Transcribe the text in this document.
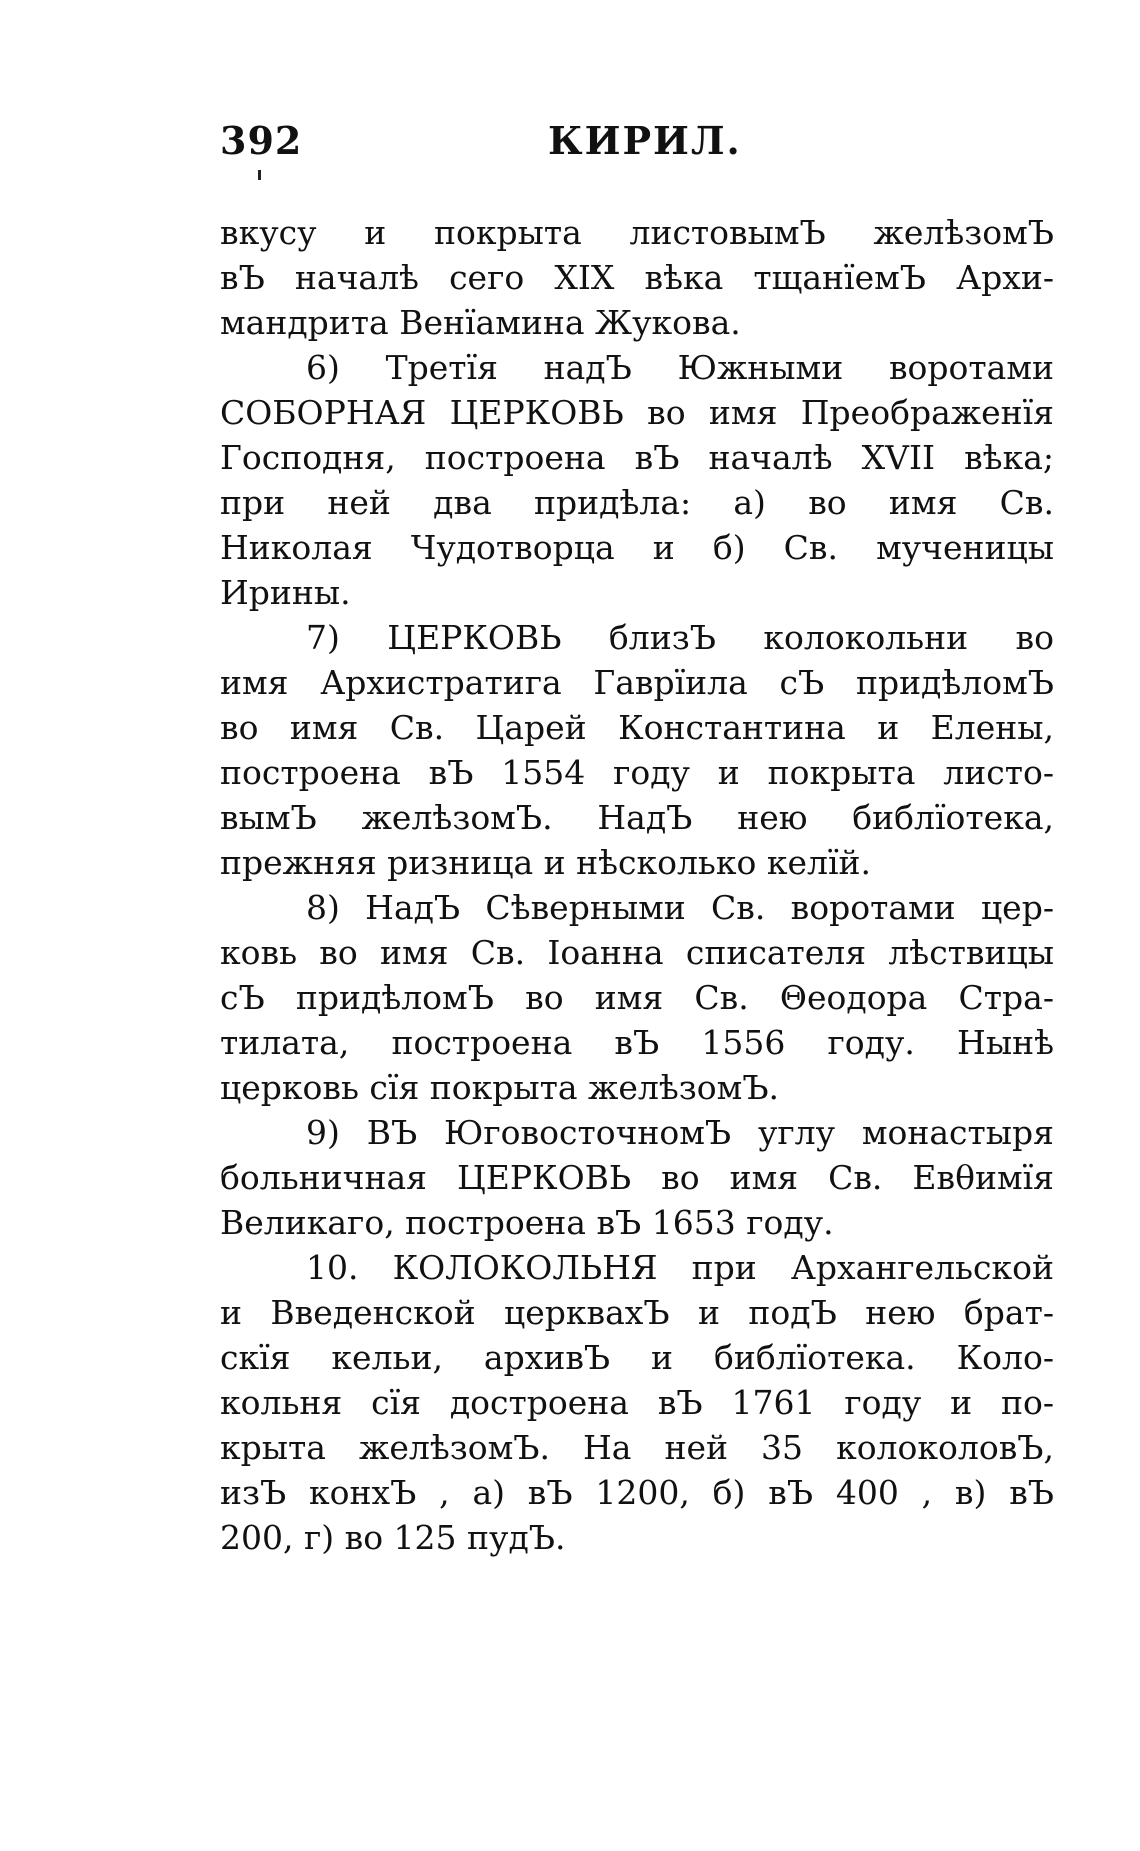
392	КИРИЛ.
вкусу и покрыта листовымЪ желѣзомЪ
вЪ началѣ сего XIX вѣка тщанїемЪ Архи-
мандрита Венїамина Жукова.
6) Третїя надЪ Южными воротами
СОБОРНАЯ ЦЕРКОВЬ во имя Преображенїя
Господня, построена вЪ началѣ XVII вѣка;
при ней два придѣла: а) во имя Св.
Николая Чудотворца и б) Св. мученицы
Ирины.
7) ЦЕРКОВЬ близЪ колокольни во
имя Архистратига Гаврїила сЪ придѣломЪ
во имя Св. Царей Константина и Елены,
построена вЪ 1554 году и покрыта листо-
вымЪ желѣзомЪ. НадЪ нею библїотека,
прежняя ризница и нѣсколько келїй.
8) НадЪ Сѣверными Св. воротами цер-
ковь во имя Св. Іоанна списателя лѣствицы
сЪ придѣломЪ во имя Св. Θеодора Стра-
тилата, построена вЪ 1556 году. Нынѣ
церковь сїя покрыта желѣзомЪ.
9) ВЪ ЮговосточномЪ углу монастыря
больничная ЦЕРКОВЬ во имя Св. Евθимїя
Великаго, построена вЪ 1653 году.
10. КОЛОКОЛЬНЯ при Архангельской
и Введенской церквахЪ и подЪ нею брат-
скїя кельи, архивЪ и библїотека. Коло-
кольня сїя достроена вЪ 1761 году и по-
крыта желѣзомЪ. На ней 35 колоколовЪ,
изЪ конхЪ , а) вЪ 1200, б) вЪ 400 , в) вЪ
200, г) во 125 пудЪ.
